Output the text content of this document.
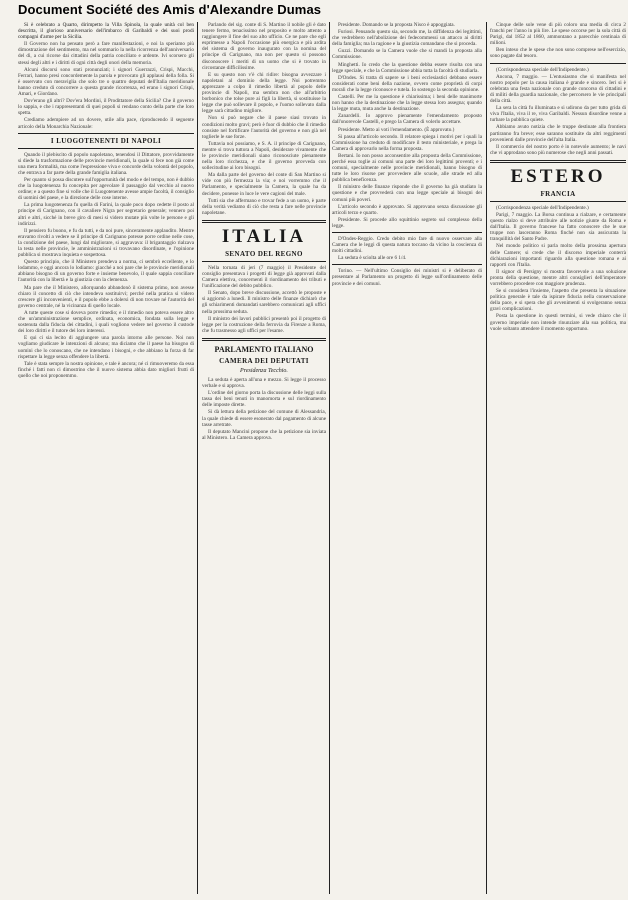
Document Société des Amis d'Alexandre Dumas

Si è celebrato a Quarto, dirimpetto la Villa Spinola, la quale unità col ben descritta, il glorioso anniversario dell'imbarco di Garibaldi e dei suoi prodi compagni d'arme per la Sicilia.

Il Governo non ha pensato però a fare manifestazioni, e noi la speriamo più dimostrazione del sentimento, ma nel sommario la nella ricorrenza dell'anniversario del dì, a cui ricorse dai cittadini della patria conciliato e ardente. Ivi scorsero gli stessi degli altri e i diritti di ogni città degli onori della memoria.

Alcuni discorsi sono stati pronunziati; i signori Guerrazzi, Crispi, Macchi, Ferrari, hanno presi concordemente la parola e provocato gli applausi della folla. Si è osservato con meraviglia che solo tre o quattro deputati dell'Italia meridionale hanno creduto di concorrere a questa grande ricorrenza, ed erano i signori Crispi, Amari, e Giordano.

Dov'erano gli altri? Dov'era Mordini, il Prodittatore della Sicilia? Che il governo lo sappia, e che i rappresentanti di quei popoli si rendano conto della parte che loro spetta.

Crediamo adempiere ad un dovere, utile alla pace, riproducendo il seguente articolo della Monarchia Nazionale:

I LUOGOTENENTI DI NAPOLI

Quando il plebiscito di popolo napoletano, tenendosi il Dittatore, provvidamente si diede la trasformazione delle provincie meridionali, la quale si fece non già come una mera formalità, ma come l'espressione viva e concorde della volontà del popolo, che entrava a far parte della grande famiglia italiana.

Per quanto si possa discutere sull'opportunità del modo e del tempo, non è dubbio che la luogotenenza fu concepita per agevolare il passaggio dal vecchio al nuovo ordine; e a questo fine si volle che il Luogotenente avesse ampie facoltà, il consiglio di uomini del paese, e la direzione delle cose interne.

La prima luogotenenza fu quella di Farini, la quale poco dopo cedette il posto al principe di Carignano, con il cavaliere Nigra per segretario generale; vennero poi altri e altri, sicché in breve giro di mesi si videro mutate più volte le persone e gli indirizzi.

Il pensiero fu buono, e fu da tutti, e da noi pure, sinceramente applaudito. Mentre eravamo rivolti a vedere se il principe di Carignano potesse porre ordine nelle cose, la condizione del paese, lungi dal migliorare, si aggravava: il brigantaggio rialzava la testa nelle provincie, le amministrazioni si trovavano disordinate, e l'opinione pubblica si mostrava inquieta e sospettosa.

Questo principio, che il Ministero prendeva a norma, ci sembrò eccellente, e lo lodammo, e oggi ancora lo lodiamo: giacché a noi pare che le provincie meridionali abbiano bisogno di un governo forte e insieme benevolo, il quale sappia conciliare l'autorità con la libertà e la giustizia con la clemenza.

Ma pare che il Ministero, allorquando abbandonò il sistema primo, non avesse chiaro il concetto di ciò che intendeva sostituirvi; perché nella pratica si videro crescere gli inconvenienti, e il popolo ebbe a dolersi di non trovare né l'autorità del governo centrale, né la vicinanza di quello locale.

A tutte queste cose si doveva porre rimedio; e il rimedio non poteva essere altro che un'amministrazione semplice, ordinata, economica, fondata sulla legge e sostenuta dalla fiducia dei cittadini, i quali vogliono vedere nel governo il custode dei loro diritti e il tutore dei loro interessi.

E qui ci sia lecito di aggiungere una parola intorno alle persone. Noi non vogliamo giudicare le intenzioni di alcuno; ma diciamo che il paese ha bisogno di uomini che lo conoscano, che ne intendano i bisogni, e che abbiano la forza di far rispettare la legge senza offendere la libertà.

Tale è stata sempre la nostra opinione, e tale è ancora; né ci rimuoveremo da essa finché i fatti non ci dimostrino che il nuovo sistema abbia dato migliori frutti di quello che noi proponemmo.

Parlando del sig. conte di S. Martino il nobile gli è dato tenere fermo, tenacissimo nel proposito e molto attento a raggiungere il fine del suo alto ufficio. Ce ne pare che egli esprimesse a Napoli l'occasione più energica e più ardita del sistema di governo inaugurato con la nomina del principe di Carignano, ma non per questo si possono disconoscere i meriti di un uomo che si è trovato in circostanze difficilissime.

E su questo non v'è chi ridire: bisogna avvezzare i napoletani al dominio della legge. Noi potremmo apprezzare a colpo il rimedio libertà al popolo delle provincie di Napoli, ma sembra non che all'arbitrio borbonico che tolse pure ai figli la libertà, si sostituisse la legge che può sollevare il popolo, e l'uomo sollevato dalla legge sarà cittadino migliore.

Non si può negare che il paese siasi trovato in condizioni molto gravi; però è fuor di dubbio che il rimedio consiste nel fortificare l'autorità del governo e non già nel toglierle le sue forze.

Tuttavia noi possiamo, e S. A. il principe di Carignano, mentre si trova tuttora a Napoli, desiderare vivamente che le provincie meridionali siano riconosciute pienamente nella loro ricchezza, e che il governo provveda con sollecitudine ai loro bisogni.

Ma dalla parte del governo del conte di San Martino si vide con più fermezza la via; e noi vorremmo che il Parlamento, e specialmente la Camera, la quale ha da decidere, ponesse in luce le vere cagioni del male.

Tutti sia che affermano e trovar fede a un uomo, è parte della verità vediamo di ciò che resta a fare nelle provincie napoletane.

ITALIA
SENATO DEL REGNO

Nella tornata di jeri (7 maggio) il Presidente del consiglio presentava i progetti di legge già approvati dalla Camera elettiva, concernenti il riordinamento dei tributi e l'unificazione del debito pubblico.

Il Senato, dopo breve discussione, accettò le proposte e si aggiornò a lunedì. Il ministro delle finanze dichiarò che gli schiarimenti domandati sarebbero comunicati agli uffici nella prossima seduta.

Il ministro dei lavori pubblici presentò poi il progetto di legge per la costruzione della ferrovia da Firenze a Roma, che fu trasmesso agli uffici per l'esame.

PARLAMENTO ITALIANO
CAMERA DEI DEPUTATI
Presidenza Tecchio.

La seduta è aperta all'una e mezzo. Si legge il processo verbale e si approva.

L'ordine del giorno porta la discussione delle leggi sulla tassa dei beni tenuti in manomorta e sul riordinamento delle imposte dirette.

Si dà lettura della petizione del comune di Alessandria, la quale chiede di essere esonerato dal pagamento di alcune tasse arretrate.

Il deputato Mancini propone che la petizione sia inviata al Ministero. La Camera approva.

Presidente. Domando se la proposta Nisco è appoggiata.

Furiosi. Pensando questo sia, secondo me, la diffidenza dei legittimi, che vedrebbero nell'abolizione dei fedecommessi un attacco ai diritti della famiglia; ma la ragione e la giustizia comandano che si proceda.

Guzzi. Domando se la Camera vuole che si mandi la proposta alla Commissione.

Minghetti. Io credo che la questione debba essere risolta con una legge speciale, e che la Commissione abbia tutta la facoltà di studiarla.

D'Ondes. Si tratta di sapere se i beni ecclesiastici debbano essere considerati come beni della nazione, ovvero come proprietà di corpi morali che la legge riconosce e tutela. Io sostengo la seconda opinione.

Castelli. Per me la questione è chiarissima; i beni delle manimorte non hanno che la destinazione che la legge stessa loro assegna; quando la legge muta, muta anche la destinazione.

Zanardelli. Io approvo pienamente l'emendamento proposto dall'onorevole Castelli, e prego la Camera di volerlo accettare.

Presidente. Metto ai voti l'emendamento. (È approvato.)

Si passa all'articolo secondo. Il relatore spiega i motivi per i quali la Commissione ha creduto di modificare il testo ministeriale, e prega la Camera di approvarlo nella forma proposta.

Bertani. Io non posso acconsentire alla proposta della Commissione, perché essa toglie ai comuni una parte dei loro legittimi proventi; e i comuni, specialmente nelle provincie meridionali, hanno bisogno di tutte le loro risorse per provvedere alle scuole, alle strade ed alla pubblica beneficenza.

Il ministro delle finanze risponde che il governo ha già studiato la questione e che provvederà con una legge speciale ai bisogni dei comuni più poveri.

L'articolo secondo è approvato. Si approvano senza discussione gli articoli terzo e quarto.

Presidente. Si procede allo squittinio segreto sul complesso della legge.

D'Ondes-Reggio. Credo debito mio fare di nuovo osservare alla Camera che le leggi di questa natura toccano da vicino la coscienza di molti cittadini.

La seduta è sciolta alle ore 6 1/4.

Torino. — Nell'ultimo Consiglio dei ministri si è deliberato di presentare al Parlamento un progetto di legge sull'ordinamento delle provincie e dei comuni.

Cinque delle sole vene di più coloro una media di circa 2 franchi per l'anno in più lire. Le spese occorse per la sola città di Parigi, dal 1852 al 1860, ammontano a parecchie centinaia di milioni.

Ben inteso che le spese che non sono comprese nell'esercizio, sono pagate dal tesoro.

(Corrispondenza speciale dell'Indipendente.)

Ancona, 7 maggio. — L'entusiasmo che si manifesta nel nostro popolo per la causa italiana è grande e sincero. Ieri si è celebrata una festa nazionale con grande concorso di cittadini e di militi della guardia nazionale, che percorsero le vie principali della città.

La sera la città fu illuminata e si udirono da per tutto grida di viva l'Italia, viva il re, viva Garibaldi. Nessun disordine venne a turbare la pubblica quiete.

Abbiamo avuto notizia che le truppe destinate alla frontiera partiranno fra breve; esse saranno sostituite da altri reggimenti provenienti dalle provincie dell'alta Italia.

Il commercio del nostro porto è in notevole aumento; le navi che vi approdano sono più numerose che negli anni passati.

ESTERO
FRANCIA

(Corrispondenza speciale dell'Indipendente.)

Parigi, 7 maggio. La Borsa continua a rialzare, e certamente questo rialzo si deve attribuire alle notizie giunte da Roma e dall'Italia. Il governo francese ha fatto conoscere che le sue truppe non lasceranno Roma finché non sia assicurata la tranquillità del Santo Padre.

Nel mondo politico si parla molto della prossima apertura delle Camere; si crede che il discorso imperiale conterrà dichiarazioni importanti riguardo alla questione romana e ai rapporti con l'Italia.

Il signor di Persigny si mostra favorevole a una soluzione pronta della questione, mentre altri consiglieri dell'imperatore vorrebbero procedere con maggiore prudenza.

Se si considera l'insieme, l'aspetto che presenta la situazione politica generale è tale da ispirare fiducia nella conservazione della pace, e si spera che gli avvenimenti si svolgeranno senza gravi complicazioni.

Posta la questione in questi termini, si vede chiaro che il governo imperiale non intende rinunziare alla sua politica, ma vuole soltanto attendere il momento opportuno.
